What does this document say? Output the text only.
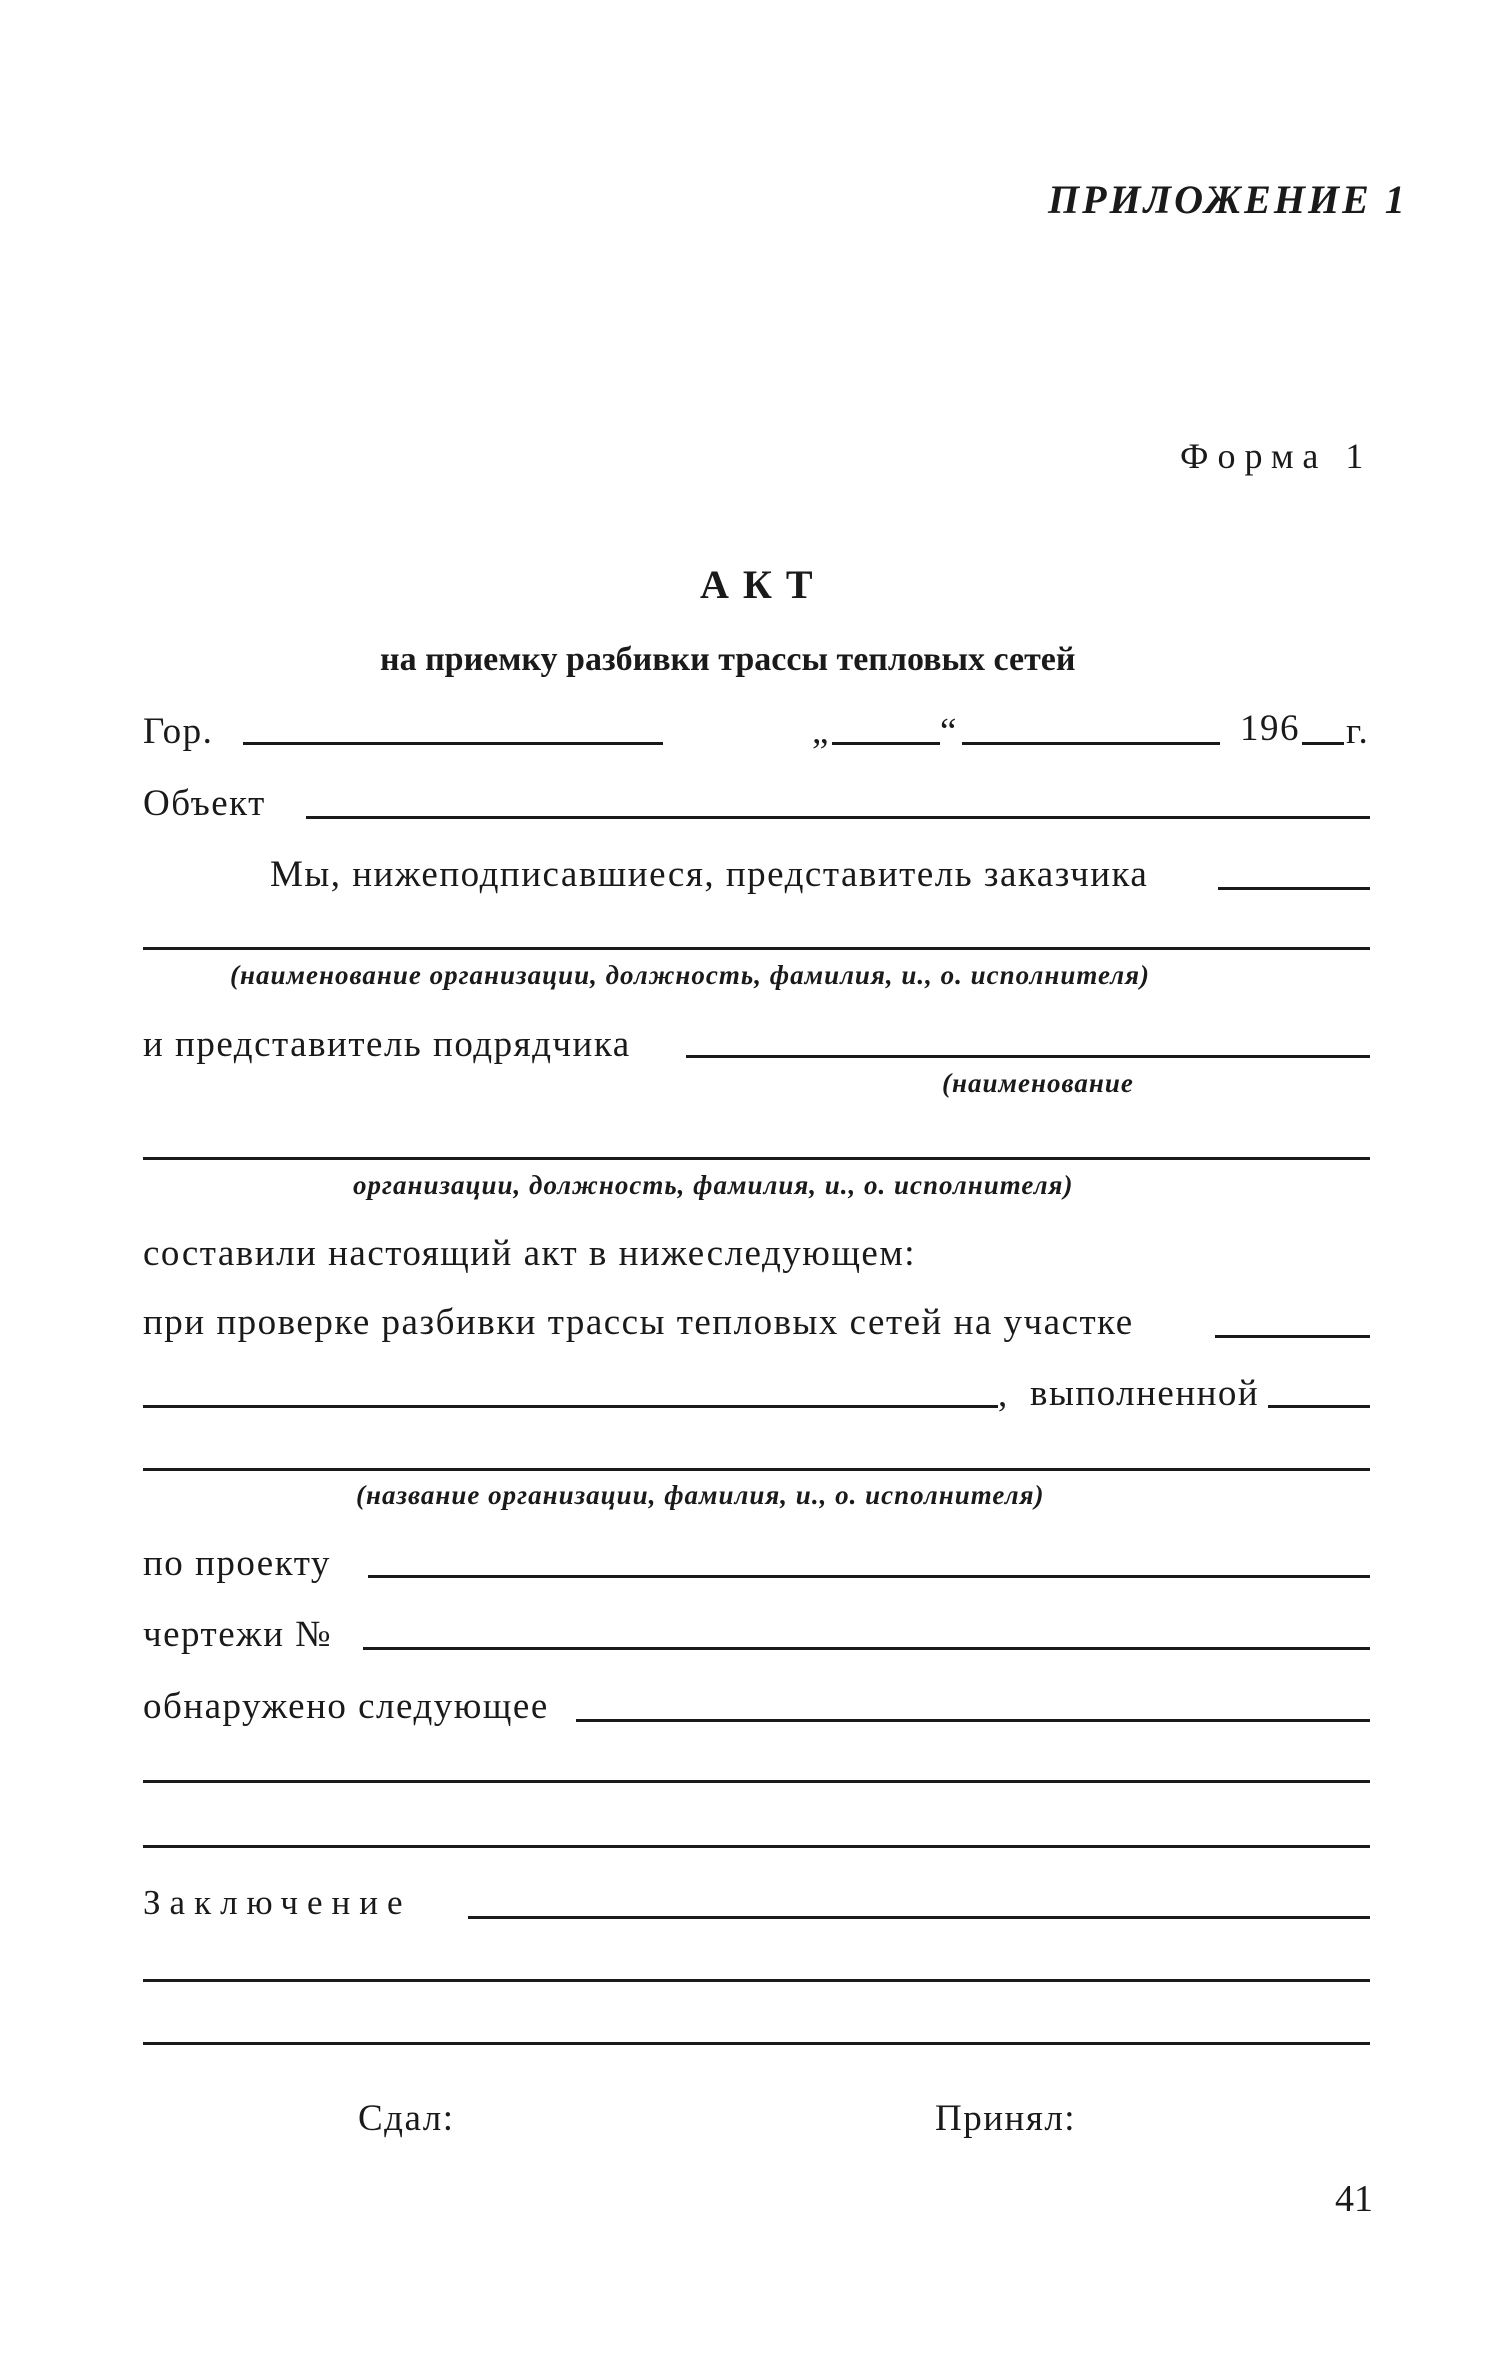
ПРИЛОЖЕНИЕ 1
Форма 1
АКТ
на приемку разбивки трассы тепловых сетей
Гор.	„	“	196 г.
Объект
Мы, нижеподписавшиеся, представитель заказчика
(наименование организации, должность, фамилия, и., о. исполнителя)
и представитель подрядчика
(наименование
организации, должность, фамилия, и., о. исполнителя)
составили настоящий акт в нижеследующем:
при проверке разбивки трассы тепловых сетей на участке
, выполненной
(название организации, фамилия, и., о. исполнителя)
по проекту
чертежи №
обнаружено следующее
Заключение
Сдал:	Принял:
41
